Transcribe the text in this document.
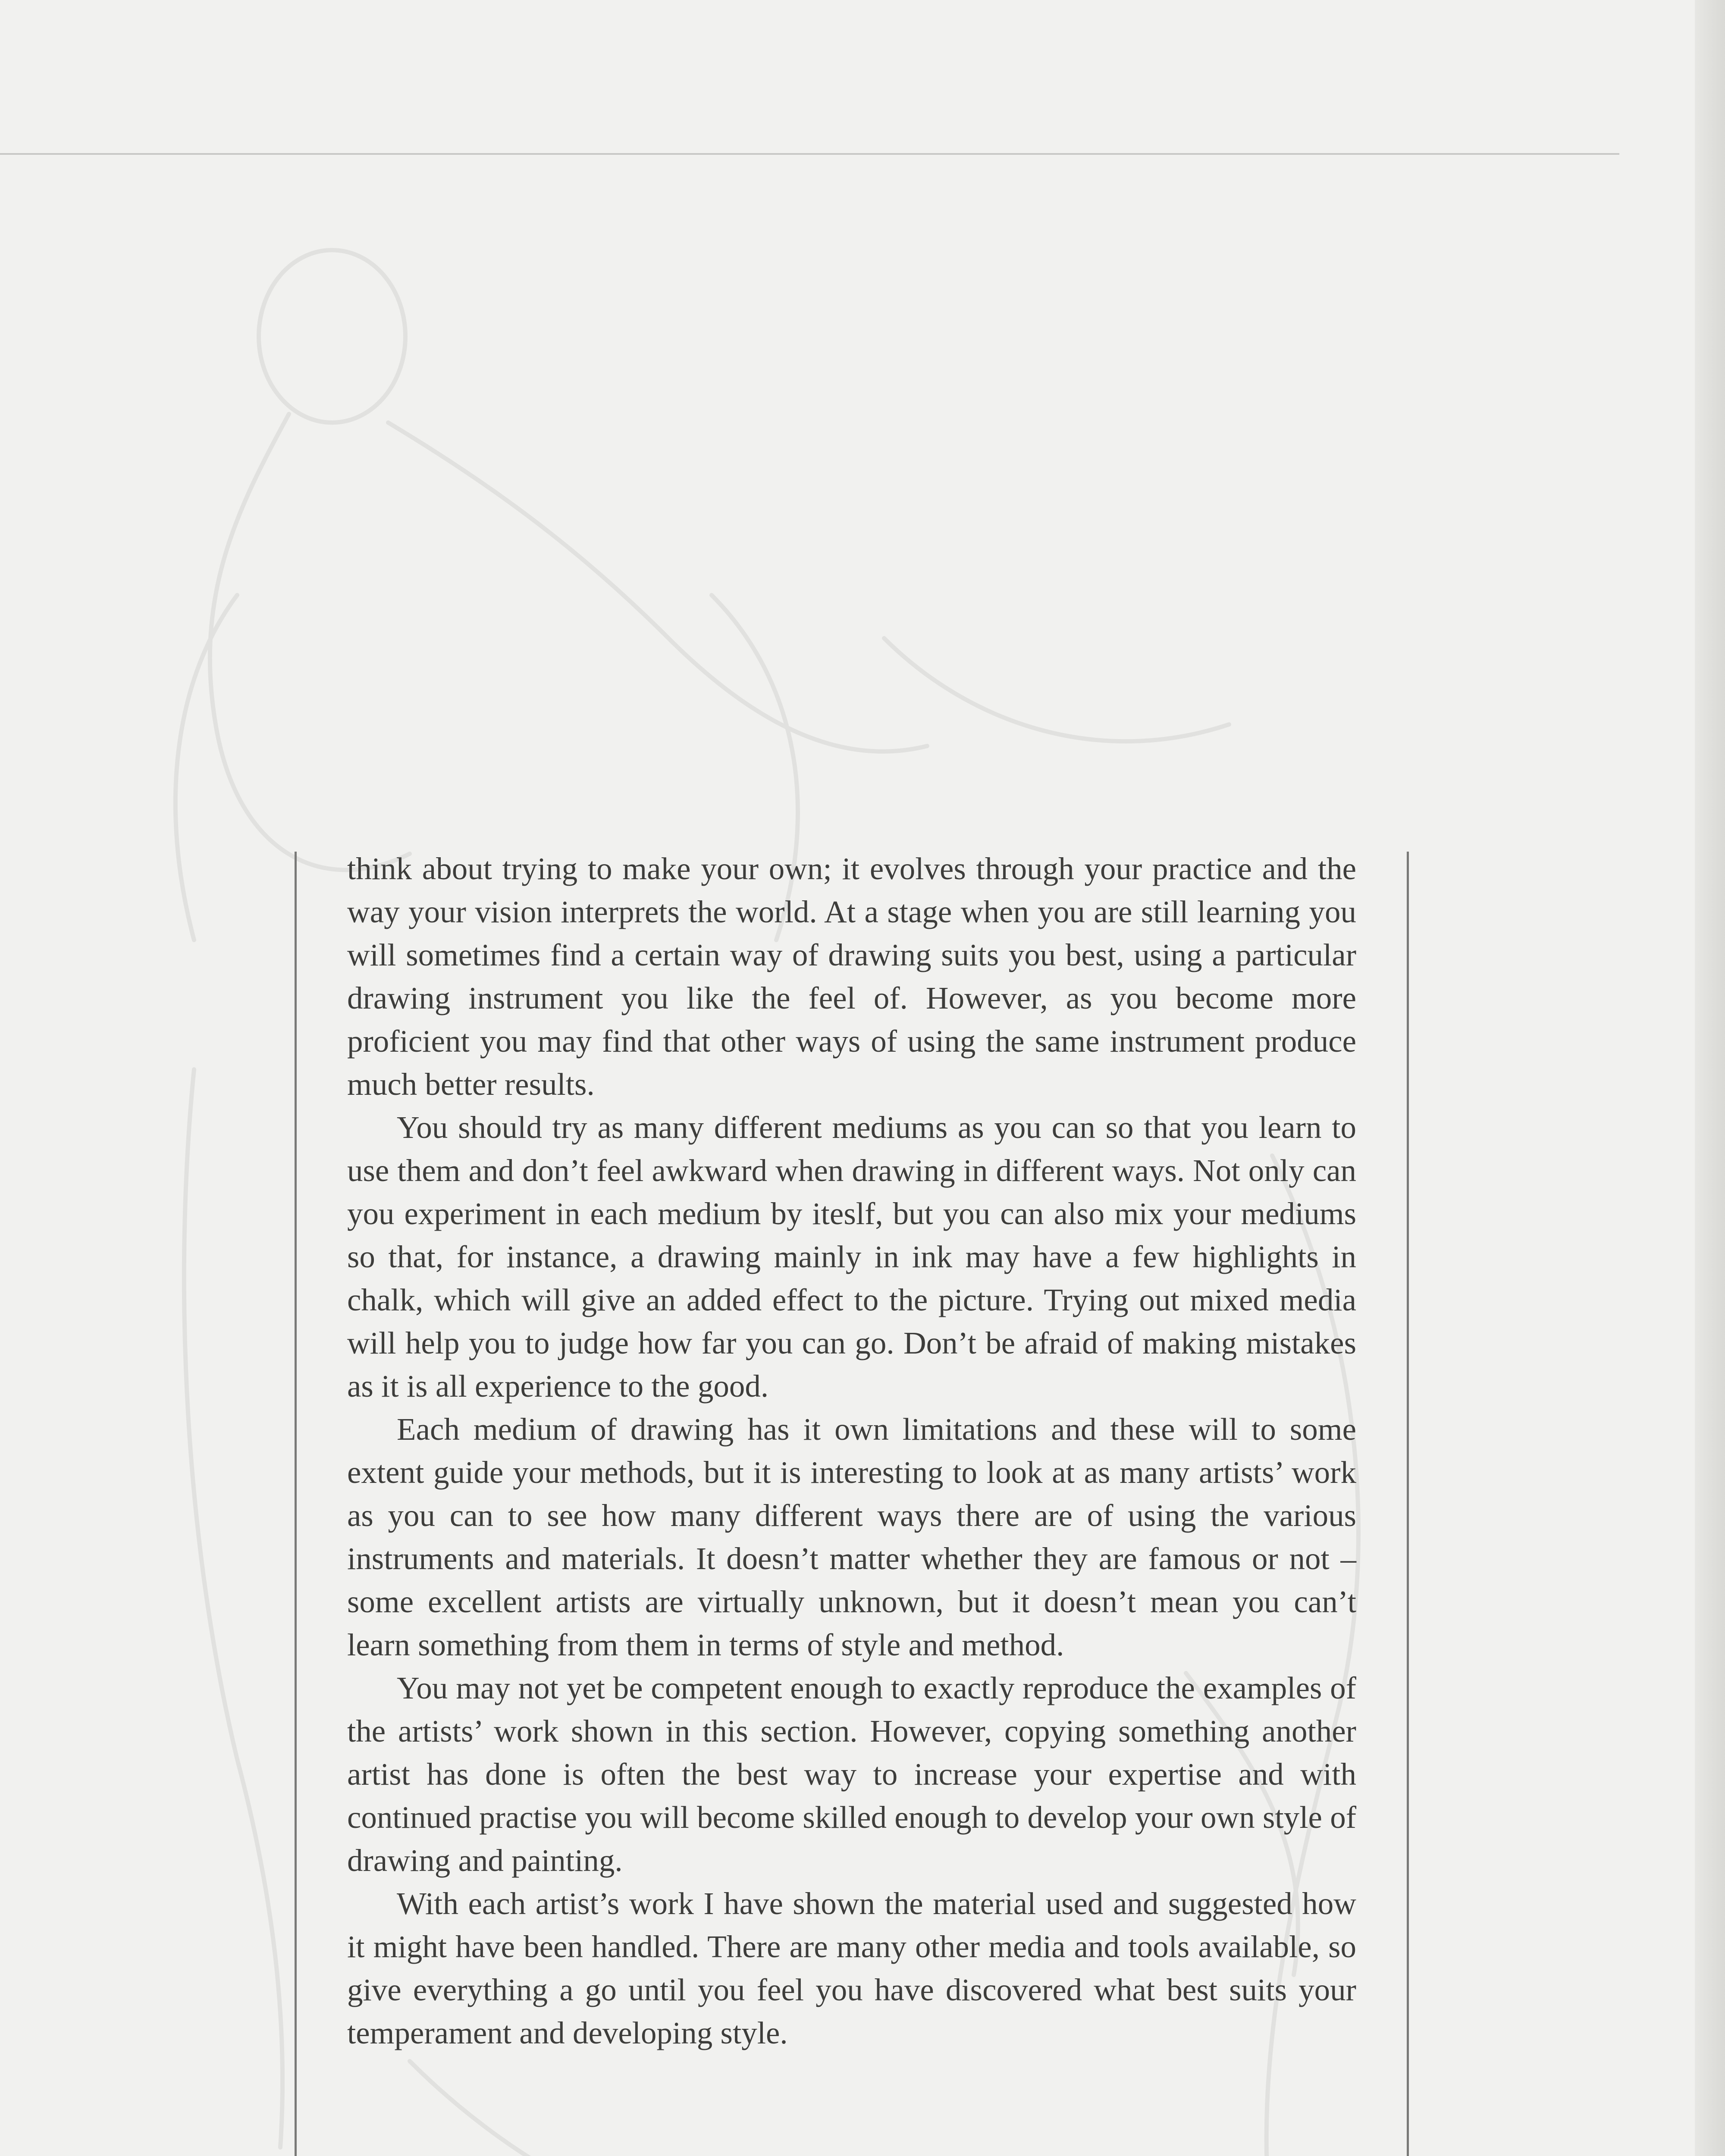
think about trying to make your own; it evolves through your practice and the way your vision interprets the world. At a stage when you are still learning you will sometimes find a certain way of drawing suits you best, using a particular drawing instrument you like the feel of. However, as you become more proficient you may find that other ways of using the same instrument produce much better results.

You should try as many different mediums as you can so that you learn to use them and don’t feel awkward when drawing in different ways. Not only can you experiment in each medium by iteslf, but you can also mix your mediums so that, for instance, a drawing mainly in ink may have a few highlights in chalk, which will give an added effect to the picture. Trying out mixed media will help you to judge how far you can go. Don’t be afraid of making mistakes as it is all experience to the good.

Each medium of drawing has it own limitations and these will to some extent guide your methods, but it is interesting to look at as many artists’ work as you can to see how many different ways there are of using the various instruments and materials. It doesn’t matter whether they are famous or not – some excellent artists are virtually unknown, but it doesn’t mean you can’t learn something from them in terms of style and method.

You may not yet be competent enough to exactly reproduce the examples of the artists’ work shown in this section. However, copying something another artist has done is often the best way to increase your expertise and with continued practise you will become skilled enough to develop your own style of drawing and painting.

With each artist’s work I have shown the material used and suggested how it might have been handled. There are many other media and tools available, so give everything a go until you feel you have discovered what best suits your temperament and developing style.
